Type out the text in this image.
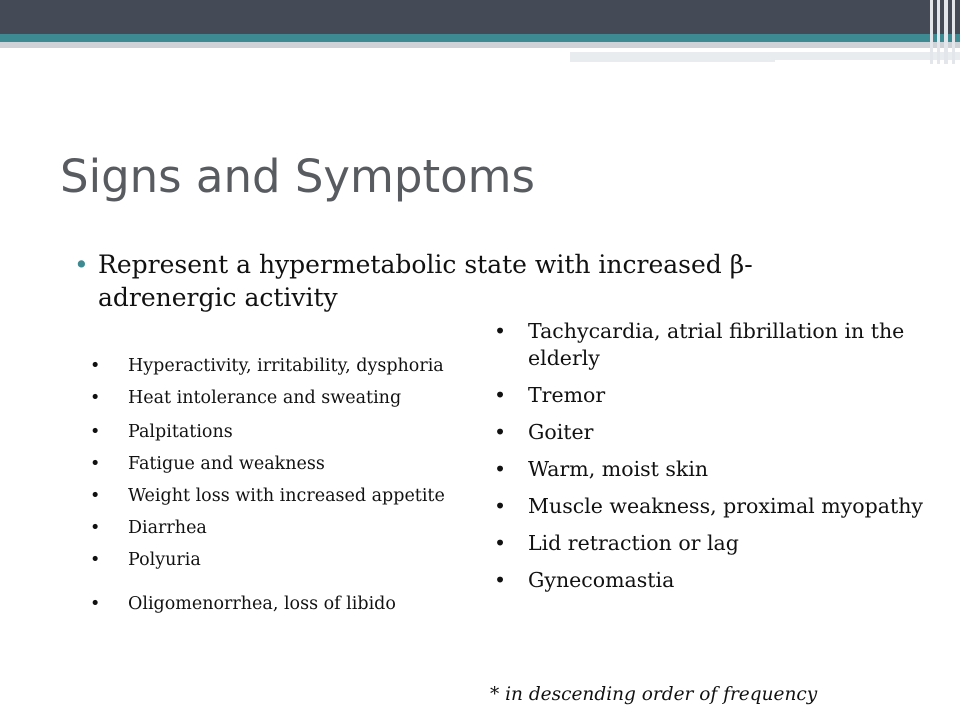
Signs and Symptoms

• Represent a hypermetabolic state with increased β-adrenergic activity

• Hyperactivity, irritability, dysphoria
• Heat intolerance and sweating
• Palpitations
• Fatigue and weakness
• Weight loss with increased appetite
• Diarrhea
• Polyuria
• Oligomenorrhea, loss of libido
• Tachycardia, atrial fibrillation in the elderly
• Tremor
• Goiter
• Warm, moist skin
• Muscle weakness, proximal myopathy
• Lid retraction or lag
• Gynecomastia

* in descending order of frequency
